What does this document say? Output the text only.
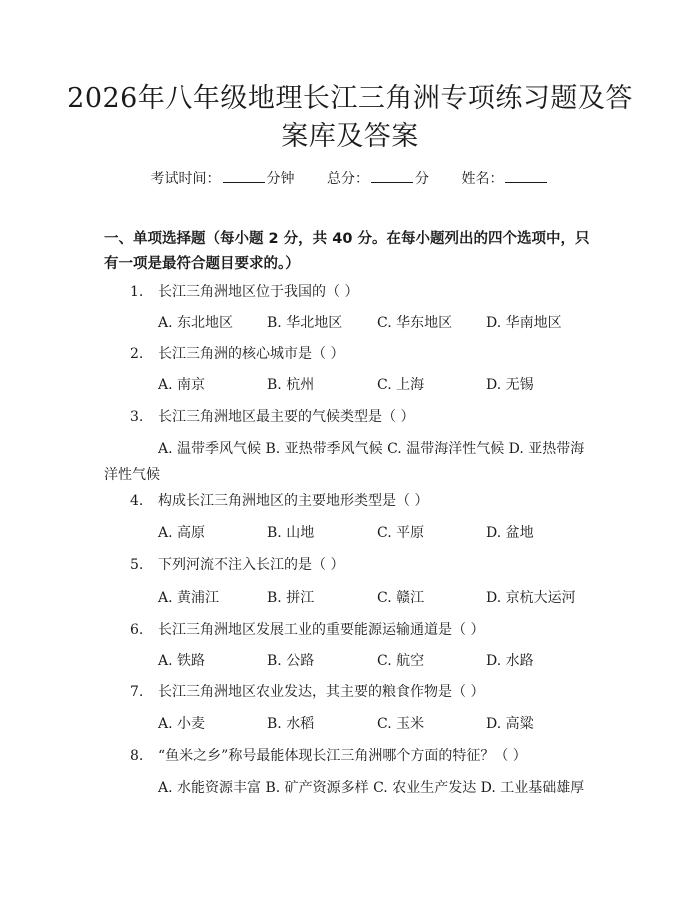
2026年八年级地理长江三角洲专项练习题及答案库及答案
考试时间：	分钟 总分：	分 姓名：
一、单项选择题（每小题 2 分，共 40 分。在每小题列出的四个选项中，只有一项是最符合题目要求的。）
1. 长江三角洲地区位于我国的（ ）
A. 东北地区 B. 华北地区 C. 华东地区 D. 华南地区
2. 长江三角洲的核心城市是（ ）
A. 南京	B. 杭州	C. 上海	D. 无锡
3. 长江三角洲地区最主要的气候类型是（ ）
A. 温带季风气候 B. 亚热带季风气候 C. 温带海洋性气候 D. 亚热带海洋性气候
4. 构成长江三角洲地区的主要地形类型是（ ）
A. 高原	B. 山地	C. 平原	D. 盆地
5. 下列河流不注入长江的是（ ）
A. 黄浦江	B. 拼江	C. 赣江	D. 京杭大运河
6. 长江三角洲地区发展工业的重要能源运输通道是（ ）
A. 铁路	B. 公路	C. 航空	D. 水路
7. 长江三角洲地区农业发达，其主要的粮食作物是（ ）
A. 小麦	B. 水稻	C. 玉米	D. 高粱
8. “鱼米之乡”称号最能体现长江三角洲哪个方面的特征？（ ）
A. 水能资源丰富 B. 矿产资源多样 C. 农业生产发达 D. 工业基础雄厚
